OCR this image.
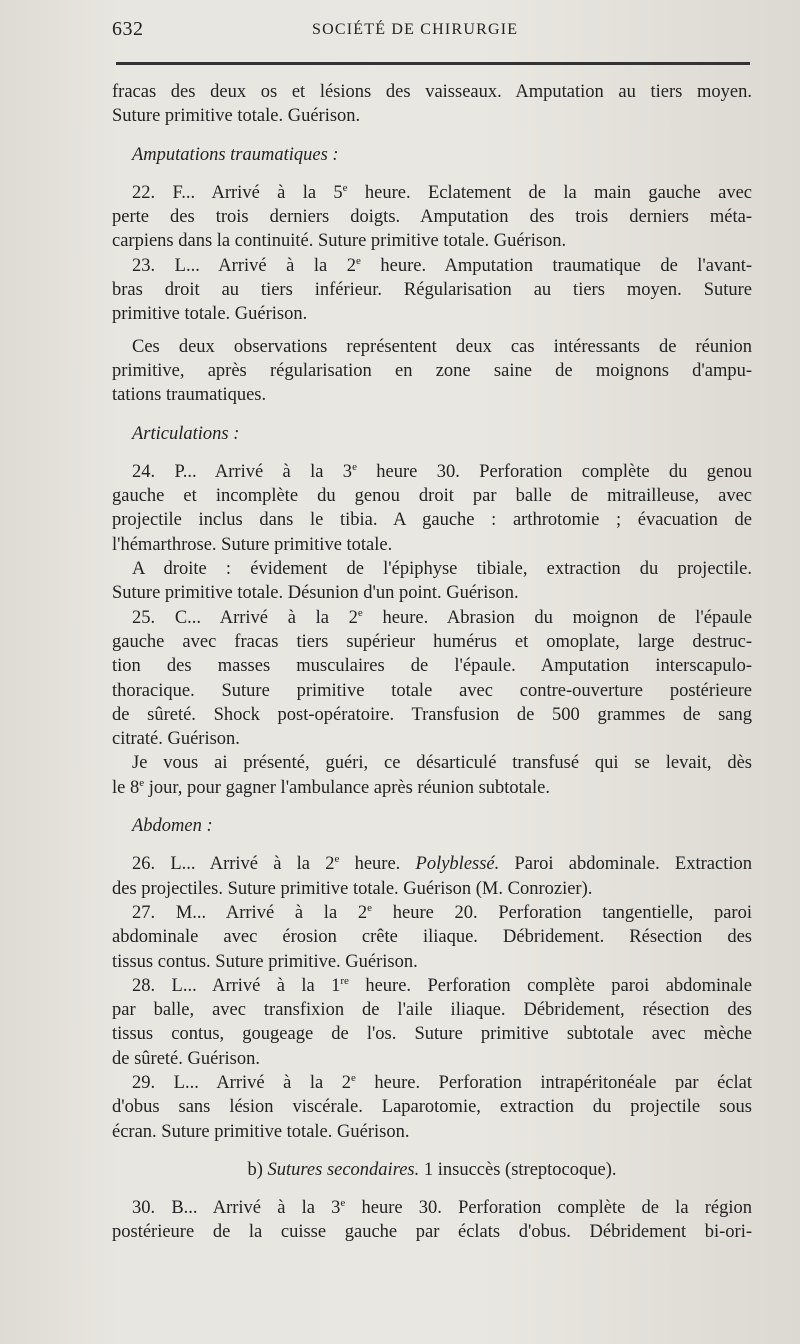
632	SOCIÉTÉ DE CHIRURGIE
fracas des deux os et lésions des vaisseaux. Amputation au tiers moyen.
Suture primitive totale. Guérison.
Amputations traumatiques :
22. F... Arrivé à la 5e heure. Eclatement de la main gauche avec
perte des trois derniers doigts. Amputation des trois derniers méta-
carpiens dans la continuité. Suture primitive totale. Guérison.
23. L... Arrivé à la 2e heure. Amputation traumatique de l'avant-
bras droit au tiers inférieur. Régularisation au tiers moyen. Suture
primitive totale. Guérison.
Ces deux observations représentent deux cas intéressants de réunion
primitive, après régularisation en zone saine de moignons d'ampu-
tations traumatiques.
Articulations :
24. P... Arrivé à la 3e heure 30. Perforation complète du genou
gauche et incomplète du genou droit par balle de mitrailleuse, avec
projectile inclus dans le tibia. A gauche : arthrotomie ; évacuation de
l'hémarthrose. Suture primitive totale.
A droite : évidement de l'épiphyse tibiale, extraction du projectile.
Suture primitive totale. Désunion d'un point. Guérison.
25. C... Arrivé à la 2e heure. Abrasion du moignon de l'épaule
gauche avec fracas tiers supérieur humérus et omoplate, large destruc-
tion des masses musculaires de l'épaule. Amputation interscapulo-
thoracique. Suture primitive totale avec contre-ouverture postérieure
de sûreté. Shock post-opératoire. Transfusion de 500 grammes de sang
citraté. Guérison.
Je vous ai présenté, guéri, ce désarticulé transfusé qui se levait, dès
le 8e jour, pour gagner l'ambulance après réunion subtotale.
Abdomen :
26. L... Arrivé à la 2e heure. Polyblessé. Paroi abdominale. Extraction
des projectiles. Suture primitive totale. Guérison (M. Conrozier).
27. M... Arrivé à la 2e heure 20. Perforation tangentielle, paroi
abdominale avec érosion crête iliaque. Débridement. Résection des
tissus contus. Suture primitive. Guérison.
28. L... Arrivé à la 1re heure. Perforation complète paroi abdominale
par balle, avec transfixion de l'aile iliaque. Débridement, résection des
tissus contus, gougeage de l'os. Suture primitive subtotale avec mèche
de sûreté. Guérison.
29. L... Arrivé à la 2e heure. Perforation intrapéritonéale par éclat
d'obus sans lésion viscérale. Laparotomie, extraction du projectile sous
écran. Suture primitive totale. Guérison.
b) Sutures secondaires. 1 insuccès (streptocoque).
30. B... Arrivé à la 3e heure 30. Perforation complète de la région
postérieure de la cuisse gauche par éclats d'obus. Débridement bi-ori-
